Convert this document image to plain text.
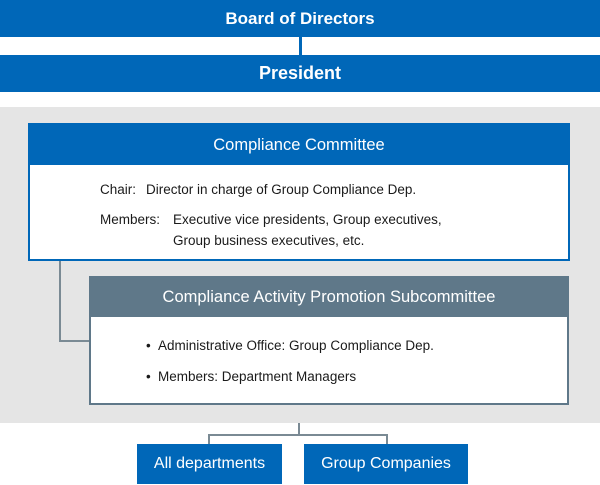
Board of Directors
President
Compliance Committee
Chair: Director in charge of Group Compliance Dep.
Members: Executive vice presidents, Group executives,
Group business executives, etc.
Compliance Activity Promotion Subcommittee
• Administrative Office: Group Compliance Dep.
• Members: Department Managers
All departments	Group Companies
